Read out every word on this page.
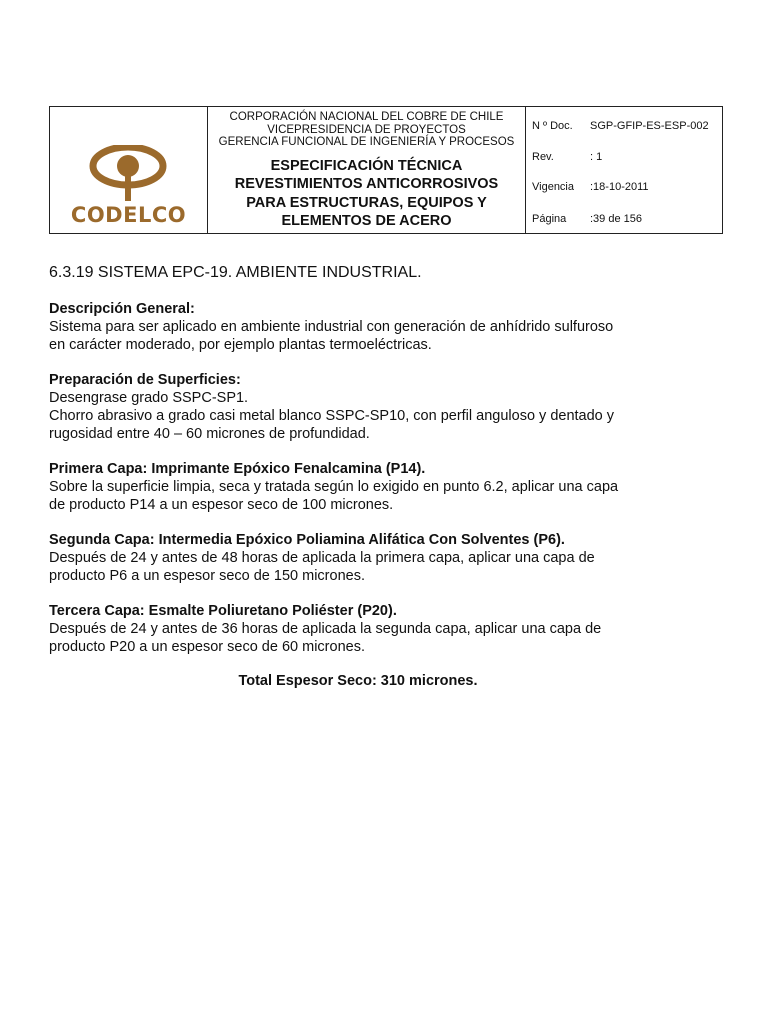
CODELCO
CORPORACIÓN NACIONAL DEL COBRE DE CHILE
VICEPRESIDENCIA DE PROYECTOS
GERENCIA FUNCIONAL DE INGENIERÍA Y PROCESOS
ESPECIFICACIÓN TÉCNICA
REVESTIMIENTOS ANTICORROSIVOS
PARA ESTRUCTURAS, EQUIPOS Y
ELEMENTOS DE ACERO
N º Doc.	SGP-GFIP-ES-ESP-002
Rev.	: 1
Vigencia	:18-10-2011
Página	:39 de 156
6.3.19 SISTEMA EPC-19. AMBIENTE INDUSTRIAL.
Descripción General:
Sistema para ser aplicado en ambiente industrial con generación de anhídrido sulfuroso
en carácter moderado, por ejemplo plantas termoeléctricas.
Preparación de Superficies:
Desengrase grado SSPC-SP1.
Chorro abrasivo a grado casi metal blanco SSPC-SP10, con perfil anguloso y dentado y
rugosidad entre 40 – 60 micrones de profundidad.
Primera Capa: Imprimante Epóxico Fenalcamina (P14).
Sobre la superficie limpia, seca y tratada según lo exigido en punto 6.2, aplicar una capa
de producto P14 a un espesor seco de 100 micrones.
Segunda Capa: Intermedia Epóxico Poliamina Alifática Con Solventes (P6).
Después de 24 y antes de 48 horas de aplicada la primera capa, aplicar una capa de
producto P6 a un espesor seco de 150 micrones.
Tercera Capa: Esmalte Poliuretano Poliéster (P20).
Después de 24 y antes de 36 horas de aplicada la segunda capa, aplicar una capa de
producto P20 a un espesor seco de 60 micrones.
Total Espesor Seco: 310 micrones.
